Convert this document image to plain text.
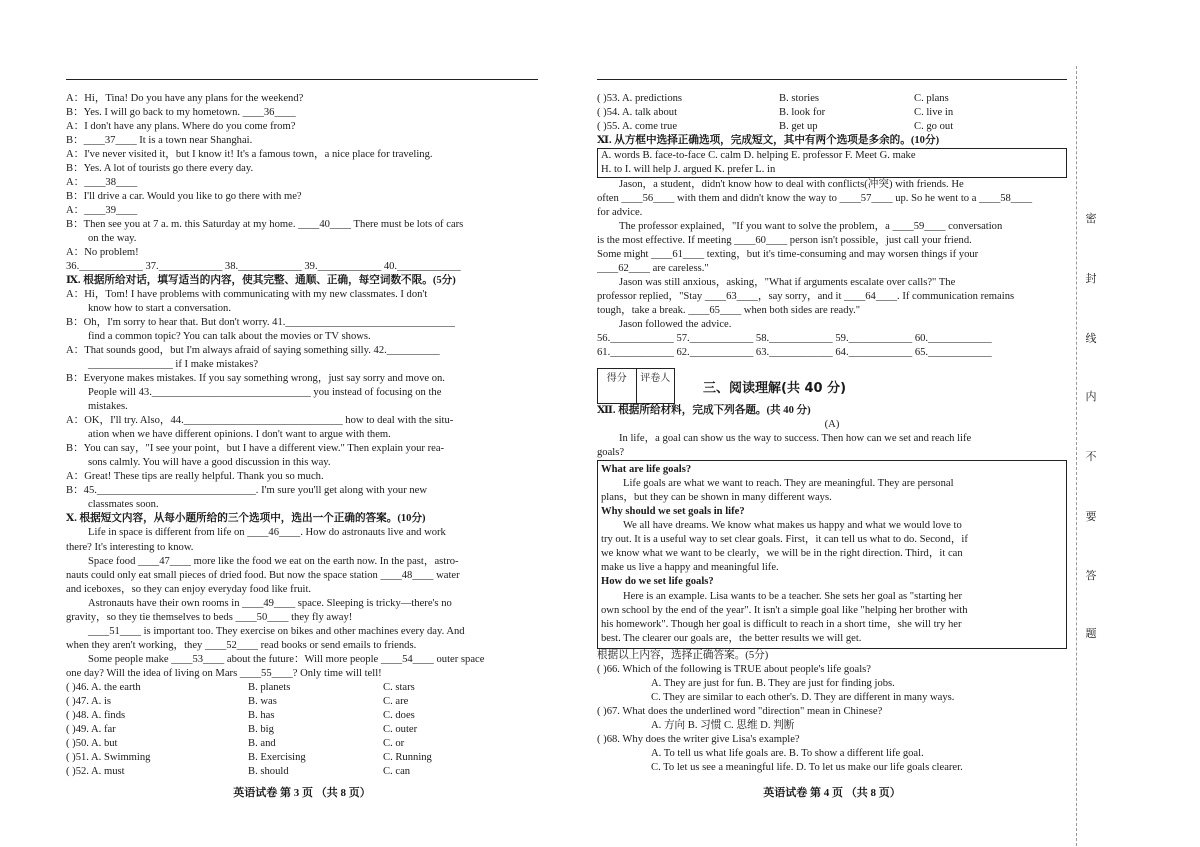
A：Hi，Tina! Do you have any plans for the weekend?
B：Yes. I will go back to my hometown. ____36____
A：I don't have any plans. Where do you come from?
B：____37____ It is a town near Shanghai.
A：I've never visited it，but I know it! It's a famous town，a nice place for traveling.
B：Yes. A lot of tourists go there every day.
A：____38____
B：I'll drive a car. Would you like to go there with me?
A：____39____
B：Then see you at 7 a. m. this Saturday at my home. ____40____ There must be lots of cars
on the way.
A：No problem!
36.____________ 37.____________ 38.____________ 39.____________ 40.____________
Ⅸ. 根据所给对话，填写适当的内容，使其完整、通顺、正确，每空词数不限。(5分)
A：Hi，Tom! I have problems with communicating with my new classmates. I don't
know how to start a conversation.
B：Oh，I'm sorry to hear that. But don't worry. 41.________________________________
find a common topic? You can talk about the movies or TV shows.
A：That sounds good，but I'm always afraid of saying something silly. 42.__________
________________ if I make mistakes?
B：Everyone makes mistakes. If you say something wrong，just say sorry and move on.
People will 43.______________________________ you instead of focusing on the
mistakes.
A：OK，I'll try. Also，44.______________________________ how to deal with the situ-
ation when we have different opinions. I don't want to argue with them.
B：You can say，"I see your point，but I have a different view." Then explain your rea-
sons calmly. You will have a good discussion in this way.
A：Great! These tips are really helpful. Thank you so much.
B：45.______________________________. I'm sure you'll get along with your new
classmates soon.
Ⅹ. 根据短文内容，从每小题所给的三个选项中，选出一个正确的答案。(10分)
Life in space is different from life on ____46____. How do astronauts live and work
there? It's interesting to know.
Space food ____47____ more like the food we eat on the earth now. In the past，astro-
nauts could only eat small pieces of dried food. But now the space station ____48____ water
and iceboxes，so they can enjoy everyday food like fruit.
Astronauts have their own rooms in ____49____ space. Sleeping is tricky—there's no
gravity，so they tie themselves to beds ____50____ they fly away!
____51____ is important too. They exercise on bikes and other machines every day. And
when they aren't working，they ____52____ read books or send emails to friends.
Some people make ____53____ about the future：Will more people ____54____ outer space
one day? Will the idea of living on Mars ____55____? Only time will tell!
( )46. A. the earth	B. planets	C. stars
( )47. A. is	B. was	C. are
( )48. A. finds	B. has	C. does
( )49. A. far	B. big	C. outer
( )50. A. but	B. and	C. or
( )51. A. Swimming	B. Exercising	C. Running
( )52. A. must	B. should	C. can
英语试卷 第 3 页 （共 8 页）
( )53. A. predictions	B. stories	C. plans
( )54. A. talk about	B. look for	C. live in
( )55. A. come true	B. get up	C. go out
Ⅺ. 从方框中选择正确选项，完成短文，其中有两个选项是多余的。(10分)
A. words B. face-to-face C. calm D. helping E. professor F. Meet G. make
H. to I. will help J. argued K. prefer L. in
Jason，a student，didn't know how to deal with conflicts(冲突) with friends. He
often ____56____ with them and didn't know the way to ____57____ up. So he went to a ____58____
for advice.
The professor explained，"If you want to solve the problem，a ____59____ conversation
is the most effective. If meeting ____60____ person isn't possible，just call your friend.
Some might ____61____ texting，but it's time-consuming and may worsen things if your
____62____ are careless."
Jason was still anxious，asking，"What if arguments escalate over calls?" The
professor replied，"Stay ____63____，say sorry，and it ____64____. If communication remains
tough，take a break. ____65____ when both sides are ready."
Jason followed the advice.
56.____________ 57.____________ 58.____________ 59.____________ 60.____________
61.____________ 62.____________ 63.____________ 64.____________ 65.____________
得分	评卷人
三、阅读理解(共 40 分)
Ⅻ. 根据所给材料，完成下列各题。(共 40 分)
(A)
In life，a goal can show us the way to success. Then how can we set and reach life
goals?
What are life goals?
Life goals are what we want to reach. They are meaningful. They are personal
plans，but they can be shown in many different ways.
Why should we set goals in life?
We all have dreams. We know what makes us happy and what we would love to
try out. It is a useful way to set clear goals. First，it can tell us what to do. Second，if
we know what we want to be clearly，we will be in the right direction. Third，it can
make us live a happy and meaningful life.
How do we set life goals?
Here is an example. Lisa wants to be a teacher. She sets her goal as "starting her
own school by the end of the year". It isn't a simple goal like "helping her brother with
his homework". Though her goal is difficult to reach in a short time，she will try her
best. The clearer our goals are，the better results we will get.
根据以上内容，选择正确答案。(5分)
( )66. Which of the following is TRUE about people's life goals?
A. They are just for fun. B. They are just for finding jobs.
C. They are similar to each other's. D. They are different in many ways.
( )67. What does the underlined word "direction" mean in Chinese?
A. 方向 B. 习惯 C. 思维 D. 判断
( )68. Why does the writer give Lisa's example?
A. To tell us what life goals are. B. To show a different life goal.
C. To let us see a meaningful life. D. To let us make our life goals clearer.
英语试卷 第 4 页 （共 8 页）
密
封
线
内
不
要
答
题
